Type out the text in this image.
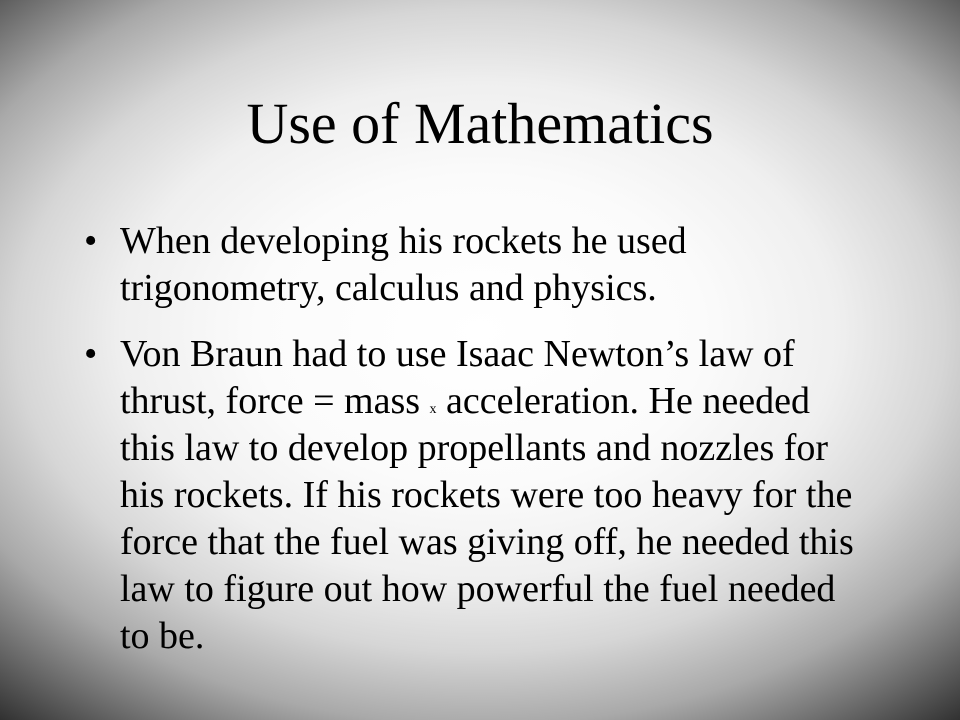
Use of Mathematics
• When developing his rockets he used trigonometry, calculus and physics.
• Von Braun had to use Isaac Newton’s law of thrust, force = mass x acceleration. He needed this law to develop propellants and nozzles for his rockets. If his rockets were too heavy for the force that the fuel was giving off, he needed this law to figure out how powerful the fuel needed to be.
